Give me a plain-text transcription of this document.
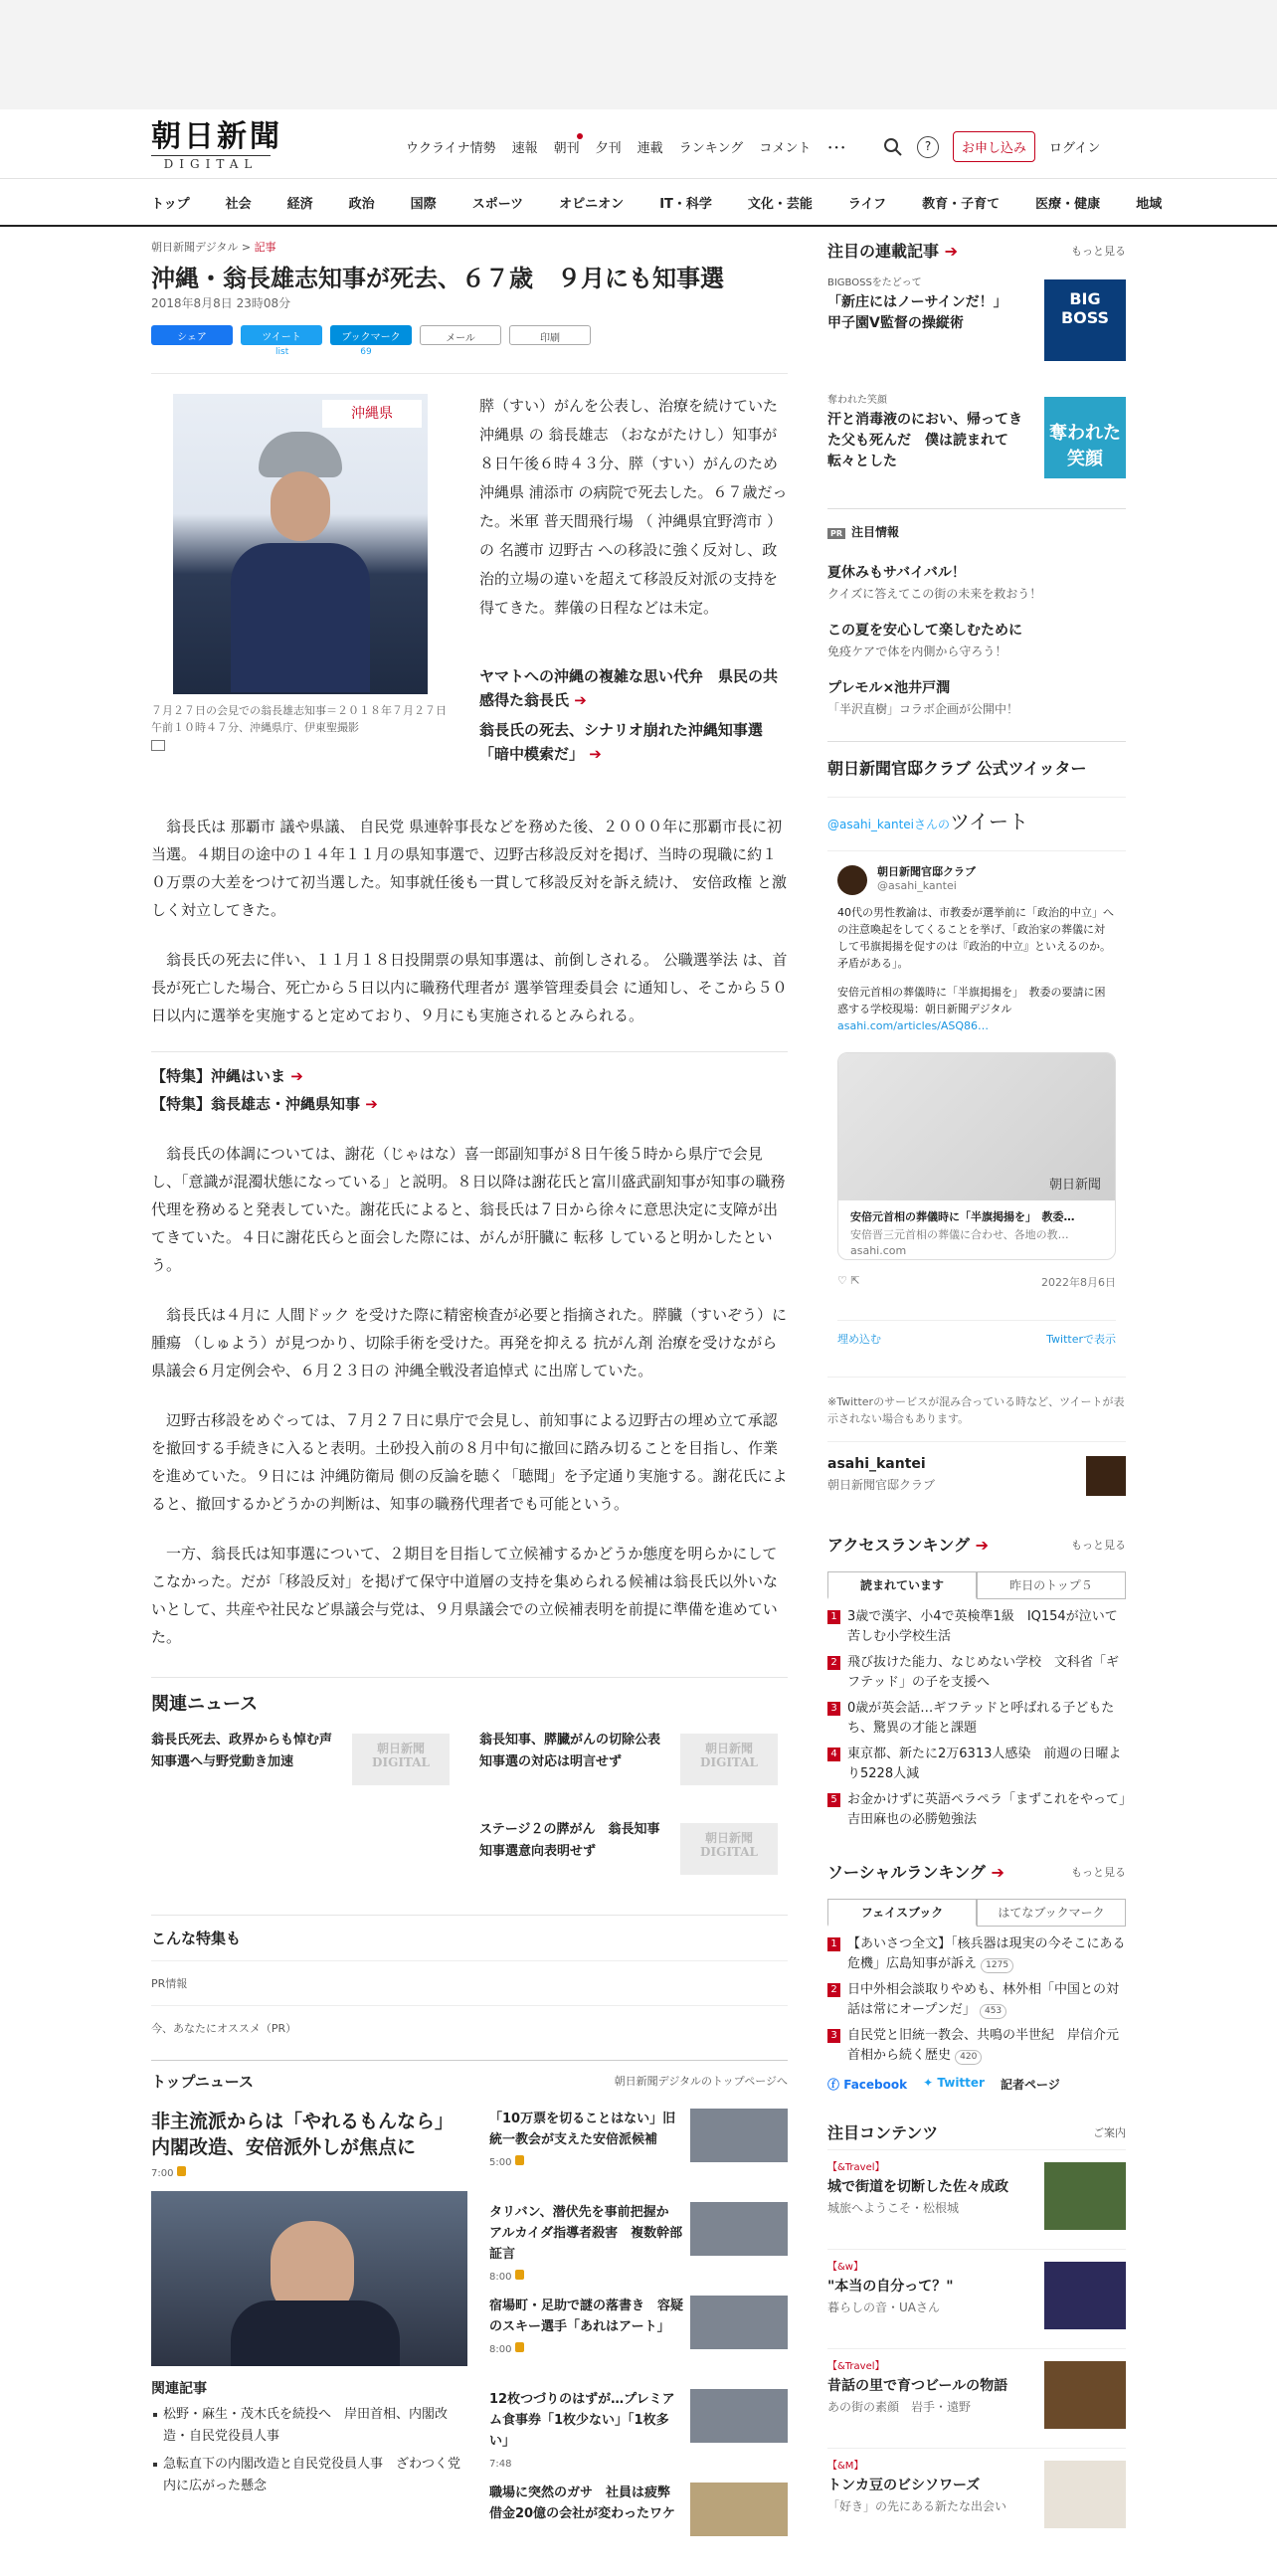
朝日新聞
DIGITAL
ウクライナ情勢 速報 朝刊 夕刊 連載 ランキング コメント ･･･	?	お申し込み	ログイン
トップ	社会	経済	政治	国際	スポーツ	オピニオン	IT・科学	文化・芸能	ライフ	教育・子育て	医療・健康	地域
朝日新聞デジタル > 記事
沖縄・翁長雄志知事が死去、６７歳　９月にも知事選
2018年8月8日 23時08分
シェア	ツイート	ブックマーク	メール	印刷
list	69
沖縄県
７月２７日の会見での翁長雄志知事＝２０１８年７月２７日午前１０時４７分、沖縄県庁、伊東聖撮影

膵（すい）がんを公表し、治療を続けていた 沖縄県 の 翁長雄志 （おながたけし）知事が８日午後６時４３分、膵（すい）がんのため沖縄県 浦添市 の病院で死去した。６７歳だった。米軍 普天間飛行場 （ 沖縄県宜野湾市 ）の 名護市 辺野古 への移設に強く反対し、政治的立場の違いを超えて移設反対派の支持を得てきた。葬儀の日程などは未定。
ヤマトへの沖縄の複雑な思い代弁　県民の共感得た翁長氏 ➔
翁長氏の死去、シナリオ崩れた沖縄知事選「暗中模索だ」 ➔

翁長氏は 那覇市 議や県議、 自民党 県連幹事長などを務めた後、２０００年に那覇市長に初当選。４期目の途中の１４年１１月の県知事選で、辺野古移設反対を掲げ、当時の現職に約１０万票の大差をつけて初当選した。知事就任後も一貫して移設反対を訴え続け、 安倍政権 と激しく対立してきた。

翁長氏の死去に伴い、１１月１８日投開票の県知事選は、前倒しされる。 公職選挙法 は、首長が死亡した場合、死亡から５日以内に職務代理者が 選挙管理委員会 に通知し、そこから５０日以内に選挙を実施すると定めており、９月にも実施されるとみられる。

【特集】沖縄はいま ➔
【特集】翁長雄志・沖縄県知事 ➔

翁長氏の体調については、謝花（じゃはな）喜一郎副知事が８日午後５時から県庁で会見し、「意識が混濁状態になっている」と説明。８日以降は謝花氏と富川盛武副知事が知事の職務代理を務めると発表していた。謝花氏によると、翁長氏は７日から徐々に意思決定に支障が出てきていた。４日に謝花氏らと面会した際には、がんが肝臓に 転移 していると明かしたという。

翁長氏は４月に 人間ドック を受けた際に精密検査が必要と指摘された。膵臓（すいぞう）に 腫瘍 （しゅよう）が見つかり、切除手術を受けた。再発を抑える 抗がん剤 治療を受けながら県議会６月定例会や、６月２３日の 沖縄全戦没者追悼式 に出席していた。

辺野古移設をめぐっては、７月２７日に県庁で会見し、前知事による辺野古の埋め立て承認を撤回する手続きに入ると表明。土砂投入前の８月中旬に撤回に踏み切ることを目指し、作業を進めていた。９日には 沖縄防衛局 側の反論を聴く「聴聞」を予定通り実施する。謝花氏によると、撤回するかどうかの判断は、知事の職務代理者でも可能という。

一方、翁長氏は知事選について、２期目を目指して立候補するかどうか態度を明らかにしてこなかった。だが「移設反対」を掲げて保守中道層の支持を集められる候補は翁長氏以外いないとして、共産や社民など県議会与党は、９月県議会での立候補表明を前提に準備を進めていた。

関連ニュース
翁長氏死去、政界からも悼む声　知事選へ与野党動き加速
朝日新聞
DIGITAL
翁長知事、膵臓がんの切除公表　知事選の対応は明言せず
朝日新聞
DIGITAL
ステージ２の膵がん　翁長知事　知事選意向表明せず
朝日新聞
DIGITAL
こんな特集も
PR情報
今、あなたにオススメ（PR）
トップニュース	朝日新聞デジタルのトップページへ
非主流派からは「やれるもんなら」　内閣改造、安倍派外しが焦点に
7:00
関連記事
松野・麻生・茂木氏を続投へ　岸田首相、内閣改造・自民党役員人事
急転直下の内閣改造と自民党役員人事　ざわつく党内に広がった懸念
「10万票を切ることはない」旧統一教会が支えた安倍派候補
5:00
タリバン、潜伏先を事前把握か　アルカイダ指導者殺害　複数幹部証言
8:00
宿場町・足助で謎の落書き　容疑のスキー選手「あれはアート」
8:00
12枚つづりのはずが…プレミアム食事券「1枚少ない」「1枚多い」
7:48
職場に突然のガサ　社員は疲弊　借金20億の会社が変わったワケ
注目の連載記事 ➔	もっと見る
BIGBOSSをたどって
「新庄にはノーサインだ！」　甲子園V監督の操縦術
BIG BOSS
奪われた笑顔
汗と消毒液のにおい、帰ってきた父も死んだ　僕は読まれて転々とした
奪われた笑顔
PR 注目情報
夏休みもサバイバル！
クイズに答えてこの街の未来を救おう！
この夏を安心して楽しむために
免疫ケアで体を内側から守ろう！
プレモル×池井戸潤
「半沢直樹」コラボ企画が公開中！
朝日新聞官邸クラブ 公式ツイッター
@asahi_kanteiさんのツイート
朝日新聞官邸クラブ
@asahi_kantei
40代の男性教諭は、市教委が選挙前に「政治的中立」への注意喚起をしてくることを挙げ、「政治家の葬儀に対して弔旗掲揚を促すのは『政治的中立』といえるのか。矛盾がある」。
安倍元首相の葬儀時に「半旗掲揚を」　教委の要請に困惑する学校現場：朝日新聞デジタル
asahi.com/articles/ASQ86…
朝日新聞
安倍元首相の葬儀時に「半旗掲揚を」　教委…
安倍晋三元首相の葬儀に合わせ、各地の教…
asahi.com
♡ ⇱	2022年8月6日
埋め込む	Twitterで表示
※Twitterのサービスが混み合っている時など、ツイートが表示されない場合もあります。
asahi_kantei
朝日新聞官邸クラブ
アクセスランキング ➔	もっと見る
読まれています	昨日のトップ５
1 3歳で漢字、小4で英検準1級　IQ154が泣いて苦しむ小学校生活
2 飛び抜けた能力、なじめない学校　文科省「ギフテッド」の子を支援へ
3 0歳が英会話…ギフテッドと呼ばれる子どもたち、驚異の才能と課題
4 東京都、新たに2万6313人感染　前週の日曜より5228人減
5 お金かけずに英語ペラペラ「まずこれをやって」吉田麻也の必勝勉強法
ソーシャルランキング ➔	もっと見る
フェイスブック	はてなブックマーク
1 【あいさつ全文】「核兵器は現実の今そこにある危機」広島知事が訴え 1275
2 日中外相会談取りやめも、林外相「中国との対話は常にオープンだ」 453
3 自民党と旧統一教会、共鳴の半世紀　岸信介元首相から続く歴史 420
ⓕ Facebook ✦ Twitter 記者ページ
注目コンテンツ	ご案内
【&Travel】
城で街道を切断した佐々成政
城旅へようこそ・松根城
【&w】
"本当の自分って？"
暮らしの音・UAさん
【&Travel】
昔話の里で育つビールの物語
あの街の素顔　岩手・遠野
【&M】
トンカ豆のビシソワーズ
「好き」の先にある新たな出会い
